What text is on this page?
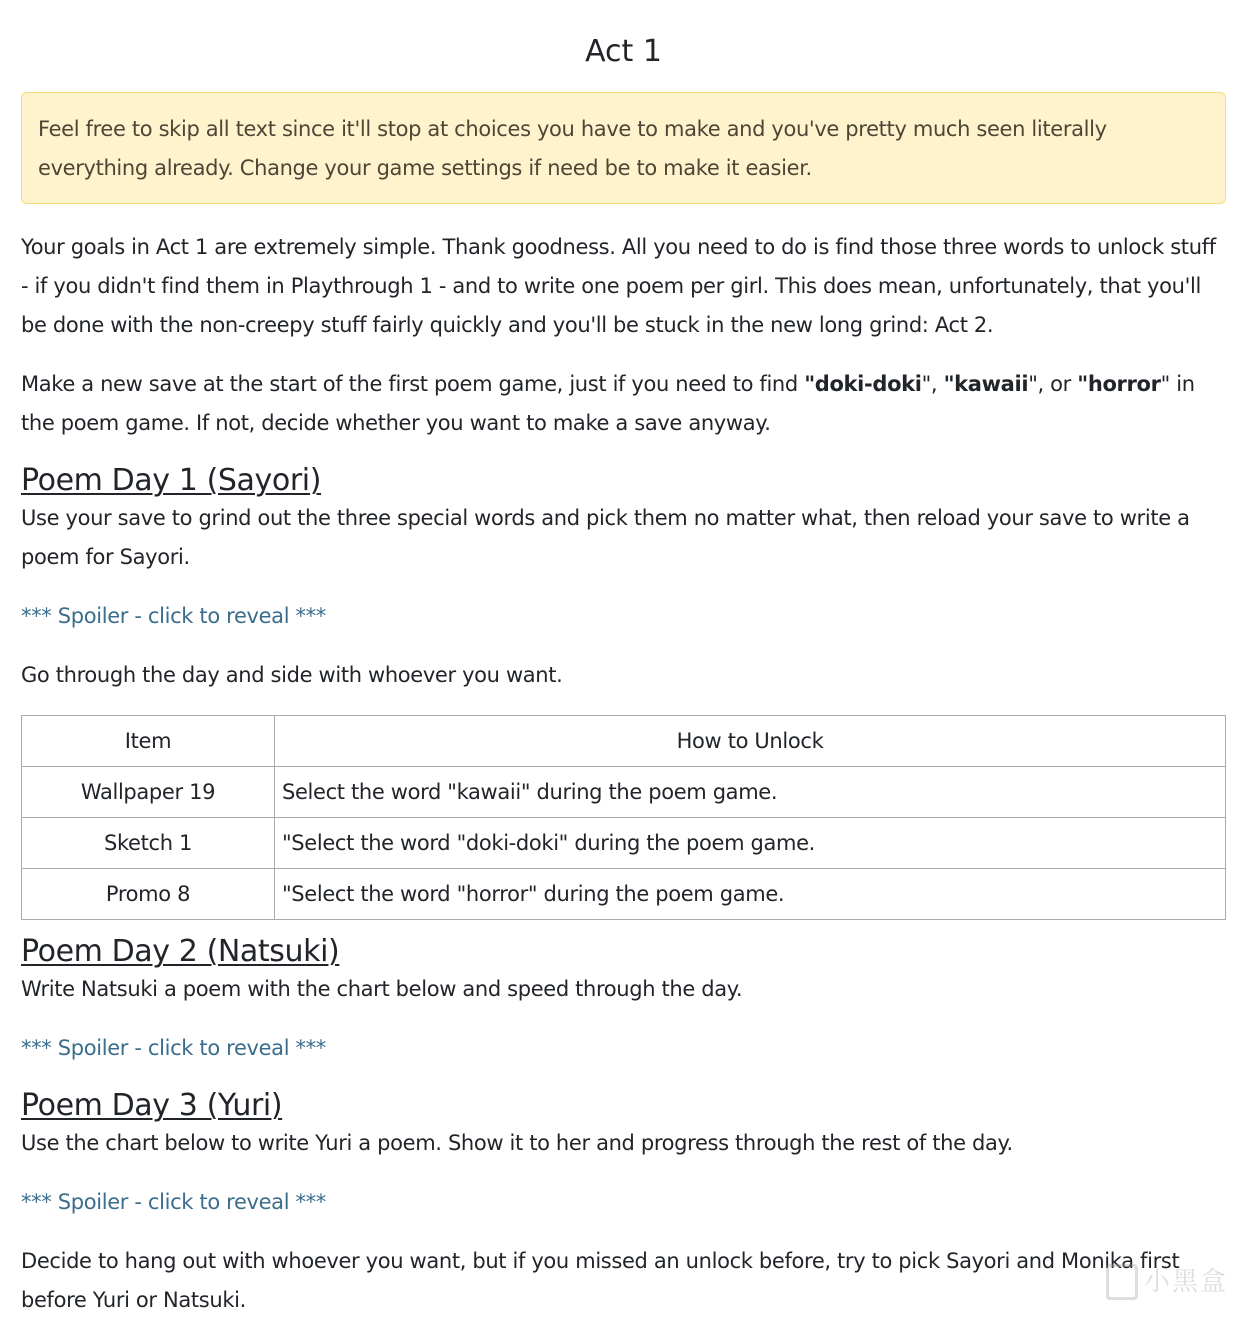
Act 1
Feel free to skip all text since it'll stop at choices you have to make and you've pretty much seen literally everything already. Change your game settings if need be to make it easier.

Your goals in Act 1 are extremely simple. Thank goodness. All you need to do is find those three words to unlock stuff - if you didn't find them in Playthrough 1 - and to write one poem per girl. This does mean, unfortunately, that you'll be done with the non-creepy stuff fairly quickly and you'll be stuck in the new long grind: Act 2.

Make a new save at the start of the first poem game, just if you need to find "doki-doki", "kawaii", or "horror" in the poem game. If not, decide whether you want to make a save anyway.

Poem Day 1 (Sayori)

Use your save to grind out the three special words and pick them no matter what, then reload your save to write a poem for Sayori.

*** Spoiler - click to reveal ***

Go through the day and side with whoever you want.

Item	How to Unlock
Wallpaper 19	Select the word "kawaii" during the poem game.
Sketch 1	"Select the word "doki-doki" during the poem game.
Promo 8	"Select the word "horror" during the poem game.
Poem Day 2 (Natsuki)

Write Natsuki a poem with the chart below and speed through the day.

*** Spoiler - click to reveal ***

Poem Day 3 (Yuri)

Use the chart below to write Yuri a poem. Show it to her and progress through the rest of the day.

*** Spoiler - click to reveal ***

Decide to hang out with whoever you want, but if you missed an unlock before, try to pick Sayori and Monika first before Yuri or Natsuki.

小黑盒
